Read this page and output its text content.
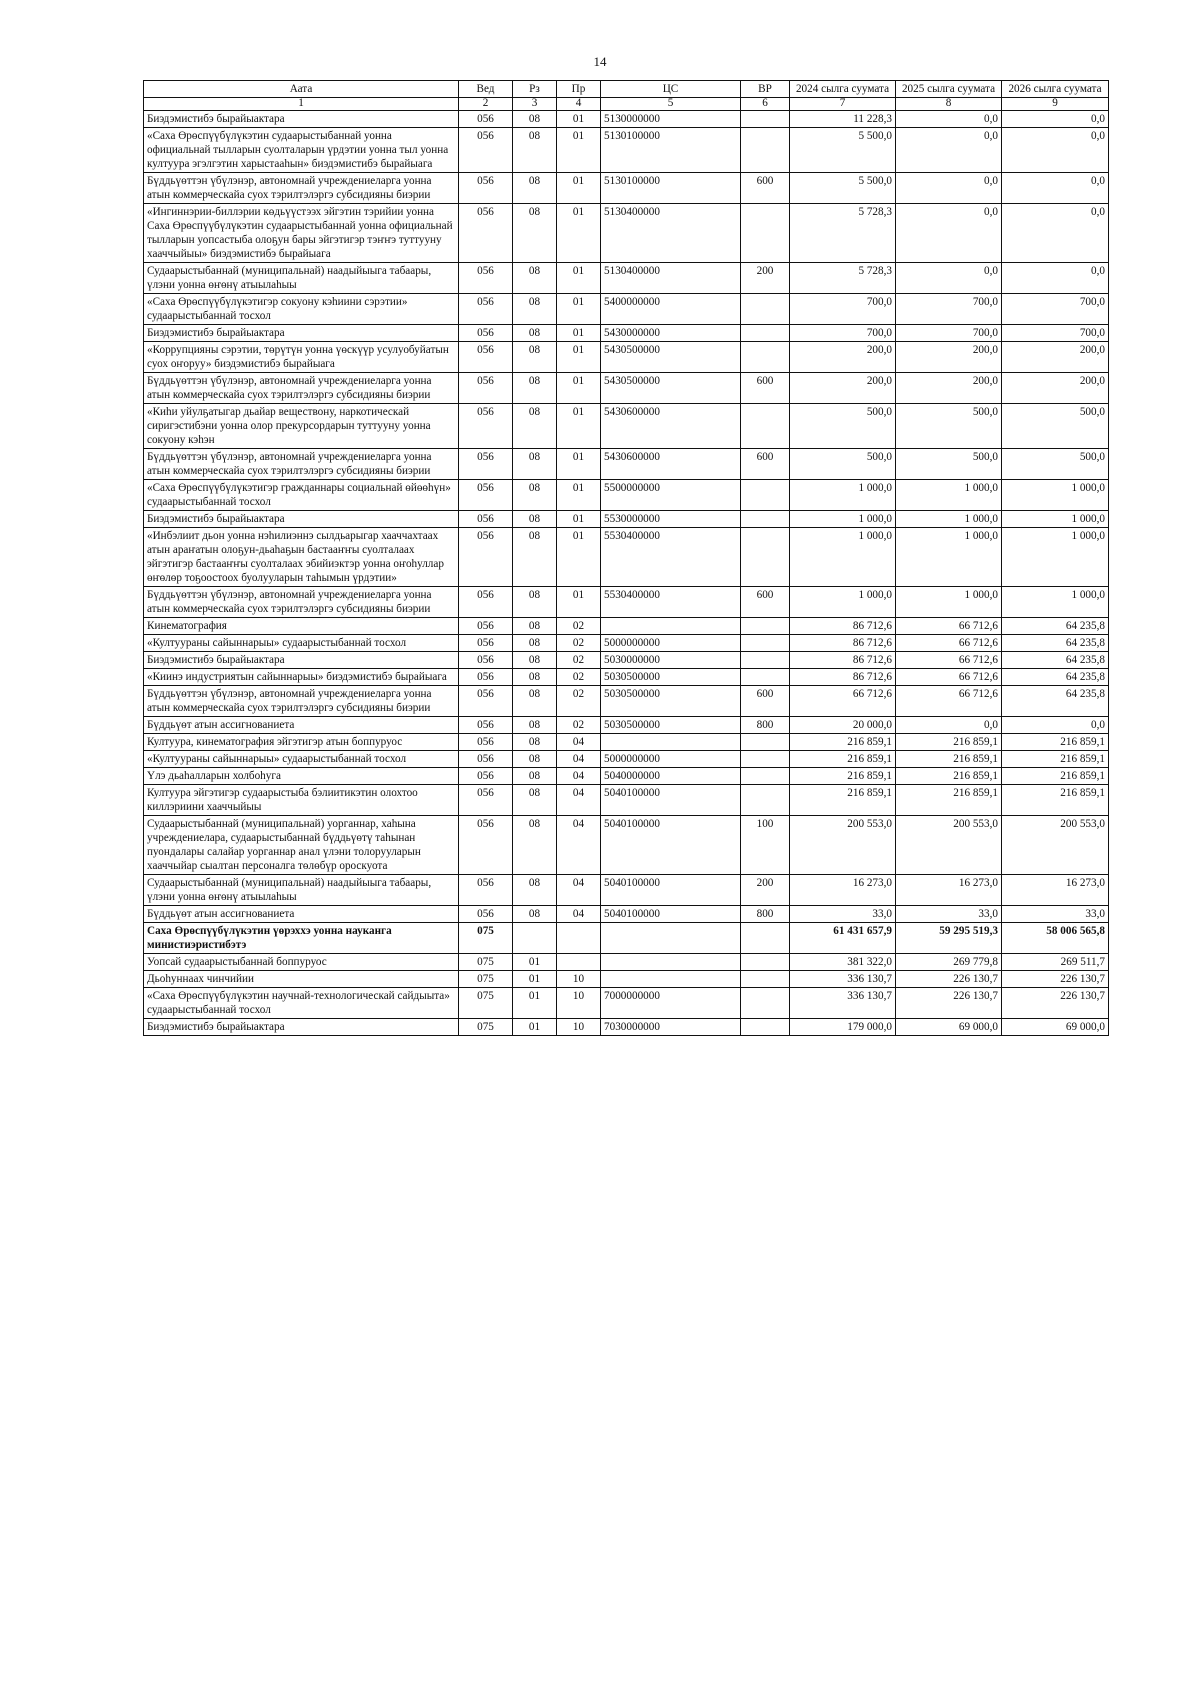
14
Аата	Вед	Рз	Пр	ЦС	ВР	2024 сылга суумата	2025 сылга суумата	2026 сылга суумата
1	2	3	4	5	6	7	8	9
Биэдэмистибэ бырайыактара	056	08	01	5130000000		11 228,3	0,0	0,0
«Саха Өрөспүүбүлүкэтин судаарыстыбаннай уонна официальнай тылларын суолталарын үрдэтии уонна тыл уонна култуура эгэлгэтин харыстааһын» биэдэмистибэ бырайыага	056	08	01	5130100000		5 500,0	0,0	0,0
Бүддьүөттэн үбүлэнэр, автономнай учреждениеларга уонна атын коммерческайа суох тэрилтэлэргэ субсидияны биэрии	056	08	01	5130100000	600	5 500,0	0,0	0,0
«Ингиннэрии-биллэрии көдьүүстээх эйгэтин тэрийии уонна Саха Өрөспүүбүлүкэтин судаарыстыбаннай уонна официальнай тылларын уопсастыба олоҕун бары эйгэтигэр тэҥҥэ туттууну хааччыйыы» биэдэмистибэ бырайыага	056	08	01	5130400000		5 728,3	0,0	0,0
Судаарыстыбаннай (муниципальнай) наадыйыыга табаары, үлэни уонна өҥөнү атыылаһыы	056	08	01	5130400000	200	5 728,3	0,0	0,0
«Саха Өрөспүүбүлүкэтигэр сокуону кэһиини сэрэтии» судаарыстыбаннай тосхол	056	08	01	5400000000		700,0	700,0	700,0
Биэдэмистибэ бырайыактара	056	08	01	5430000000		700,0	700,0	700,0
«Коррупцияны сэрэтии, төрүтүн уонна үөскүүр усулуобуйатын суох оҥоруу» биэдэмистибэ бырайыага	056	08	01	5430500000		200,0	200,0	200,0
Бүддьүөттэн үбүлэнэр, автономнай учреждениеларга уонна атын коммерческайа суох тэрилтэлэргэ субсидияны биэрии	056	08	01	5430500000	600	200,0	200,0	200,0
«Киһи уйулҕатыгар дьайар веществону, наркотическай сиригэстибэни уонна олор прекурсордарын туттууну уонна сокуону кэһэн	056	08	01	5430600000		500,0	500,0	500,0
Бүддьүөттэн үбүлэнэр, автономнай учреждениеларга уонна атын коммерческайа суох тэрилтэлэргэ субсидияны биэрии	056	08	01	5430600000	600	500,0	500,0	500,0
«Саха Өрөспүүбүлүкэтигэр гражданнары социальнай өйөөһүн» судаарыстыбаннай тосхол	056	08	01	5500000000		1 000,0	1 000,0	1 000,0
Биэдэмистибэ бырайыактара	056	08	01	5530000000		1 000,0	1 000,0	1 000,0
«Инбэлиит дьон уонна нэһилиэннэ сылдьарыгар хааччахтаах атын араҥатын олоҕун-дьаһаҕын бастааҥҥы суолталаах эйгэтигэр бастааҥҥы суолталаах эбийиэктэр уонна оҥоһуллар өҥөлөр тоҕоостоох буолууларын таһымын үрдэтии»	056	08	01	5530400000		1 000,0	1 000,0	1 000,0
Бүддьүөттэн үбүлэнэр, автономнай учреждениеларга уонна атын коммерческайа суох тэрилтэлэргэ субсидияны биэрии	056	08	01	5530400000	600	1 000,0	1 000,0	1 000,0
Кинематография	056	08	02			86 712,6	66 712,6	64 235,8
«Култуураны сайыннарыы» судаарыстыбаннай тосхол	056	08	02	5000000000		86 712,6	66 712,6	64 235,8
Биэдэмистибэ бырайыактара	056	08	02	5030000000		86 712,6	66 712,6	64 235,8
«Киинэ индустриятын сайыннарыы» биэдэмистибэ бырайыага	056	08	02	5030500000		86 712,6	66 712,6	64 235,8
Бүддьүөттэн үбүлэнэр, автономнай учреждениеларга уонна атын коммерческайа суох тэрилтэлэргэ субсидияны биэрии	056	08	02	5030500000	600	66 712,6	66 712,6	64 235,8
Бүддьүөт атын ассигнованиета	056	08	02	5030500000	800	20 000,0	0,0	0,0
Култуура, кинематография эйгэтигэр атын боппуруос	056	08	04			216 859,1	216 859,1	216 859,1
«Култуураны сайыннарыы» судаарыстыбаннай тосхол	056	08	04	5000000000		216 859,1	216 859,1	216 859,1
Үлэ дьаһалларын холбоһуга	056	08	04	5040000000		216 859,1	216 859,1	216 859,1
Култуура эйгэтигэр судаарыстыба бэлиитикэтин олохтоо киллэриини хааччыйыы	056	08	04	5040100000		216 859,1	216 859,1	216 859,1
Судаарыстыбаннай (муниципальнай) уорганнар, хаһына учреждениелара, судаарыстыбаннай бүддьүөтү таһынан пуондалары салайар уорганнар анал үлэни толорууларын хааччыйар сыалтан персоналга төлөбүр ороскуота	056	08	04	5040100000	100	200 553,0	200 553,0	200 553,0
Судаарыстыбаннай (муниципальнай) наадыйыыга табаары, үлэни уонна өҥөнү атыылаһыы	056	08	04	5040100000	200	16 273,0	16 273,0	16 273,0
Бүддьүөт атын ассигнованиета	056	08	04	5040100000	800	33,0	33,0	33,0
Саха Өрөспүүбүлүкэтин үөрэххэ уонна науканга министиэристибэтэ	075					61 431 657,9	59 295 519,3	58 006 565,8
Уопсай судаарыстыбаннай боппуруос	075	01				381 322,0	269 779,8	269 511,7
Дьоһуннаах чинчийии	075	01	10			336 130,7	226 130,7	226 130,7
«Саха Өрөспүүбүлүкэтин научнай-технологическай сайдыыта» судаарыстыбаннай тосхол	075	01	10	7000000000		336 130,7	226 130,7	226 130,7
Биэдэмистибэ бырайыактара	075	01	10	7030000000		179 000,0	69 000,0	69 000,0
